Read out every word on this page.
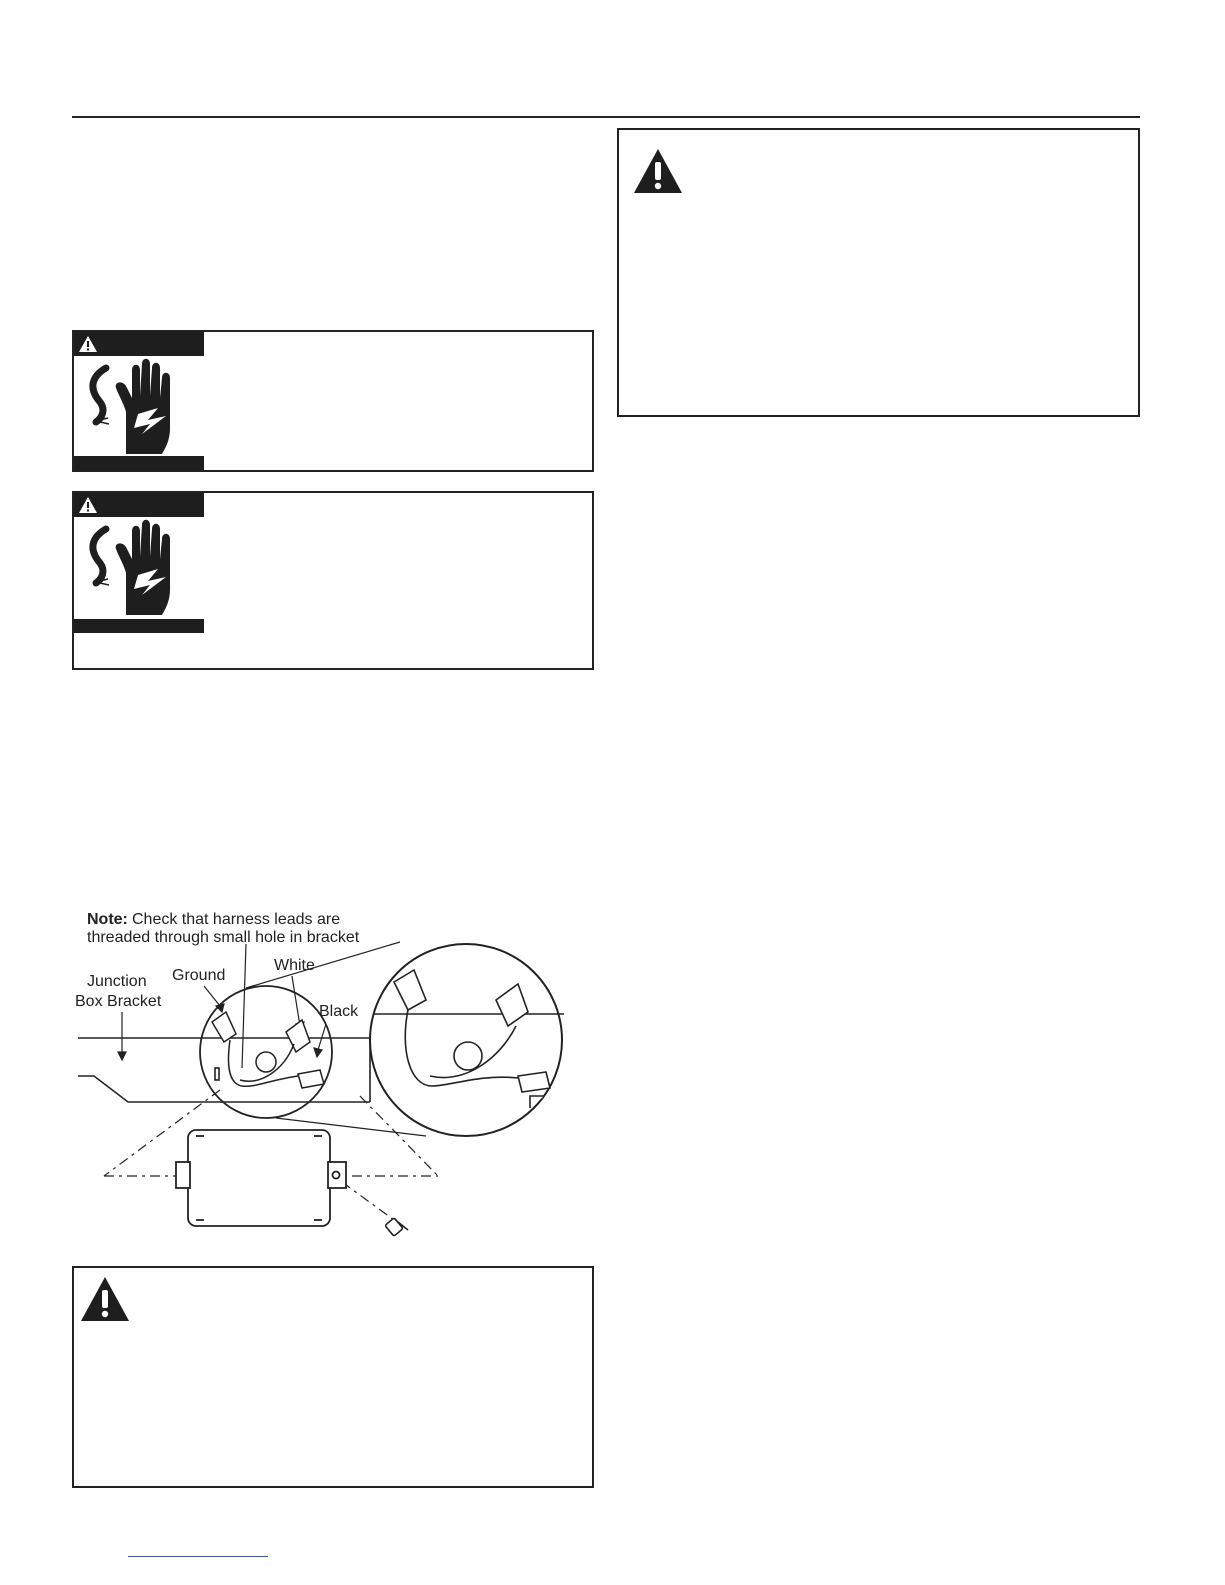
Note: Check that harness leads are
threaded through small hole in bracket
Junction
Box Bracket
Ground
White
Black
